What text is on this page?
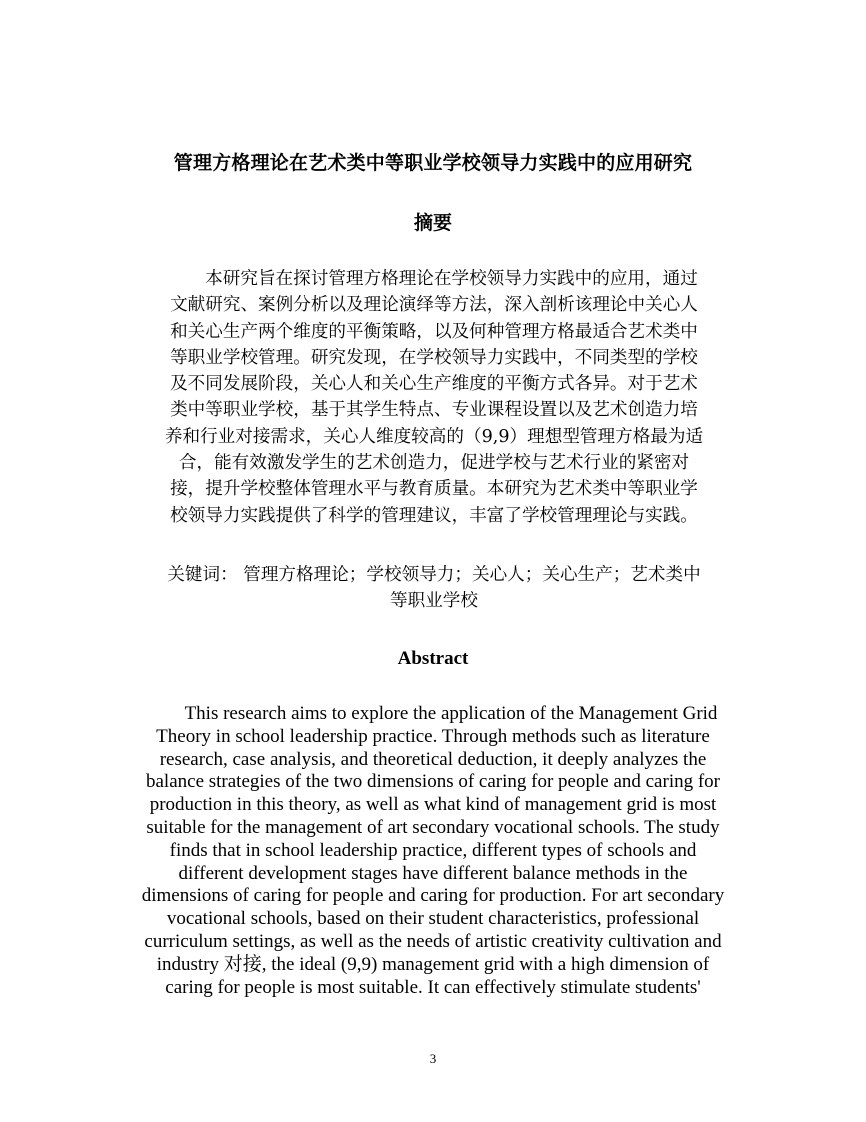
管理方格理论在艺术类中等职业学校领导力实践中的应用研究
摘要
本研究旨在探讨管理方格理论在学校领导力实践中的应用，通过
文献研究、案例分析以及理论演绎等方法，深入剖析该理论中关心人
和关心生产两个维度的平衡策略，以及何种管理方格最适合艺术类中
等职业学校管理。研究发现，在学校领导力实践中，不同类型的学校
及不同发展阶段，关心人和关心生产维度的平衡方式各异。对于艺术
类中等职业学校，基于其学生特点、专业课程设置以及艺术创造力培
养和行业对接需求，关心人维度较高的（9,9）理想型管理方格最为适
合，能有效激发学生的艺术创造力，促进学校与艺术行业的紧密对
接，提升学校整体管理水平与教育质量。本研究为艺术类中等职业学
校领导力实践提供了科学的管理建议，丰富了学校管理理论与实践。
关键词： 管理方格理论；学校领导力；关心人；关心生产；艺术类中
等职业学校
Abstract
This research aims to explore the application of the Management Grid
Theory in school leadership practice. Through methods such as literature
research, case analysis, and theoretical deduction, it deeply analyzes the
balance strategies of the two dimensions of caring for people and caring for
production in this theory, as well as what kind of management grid is most
suitable for the management of art secondary vocational schools. The study
finds that in school leadership practice, different types of schools and
different development stages have different balance methods in the
dimensions of caring for people and caring for production. For art secondary
vocational schools, based on their student characteristics, professional
curriculum settings, as well as the needs of artistic creativity cultivation and
industry 对接, the ideal (9,9) management grid with a high dimension of
caring for people is most suitable. It can effectively stimulate students'
3
